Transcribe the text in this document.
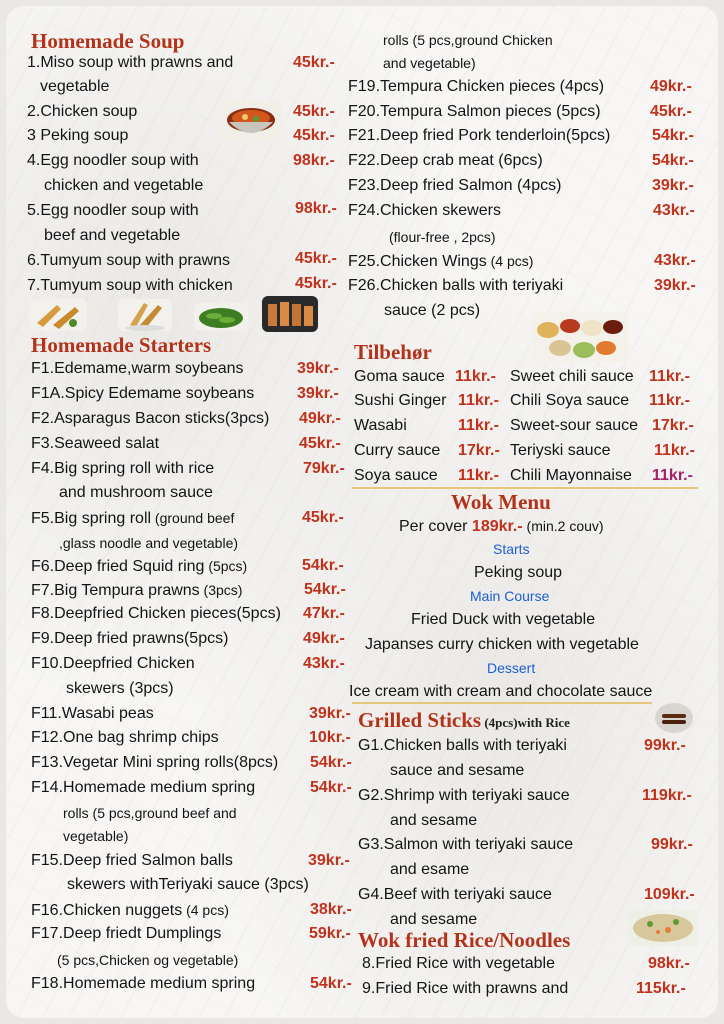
Homemade Soup
1.Miso soup with prawns and
vegetable
45kr.-
2.Chicken soup	45kr.-
3 Peking soup	45kr.-
4.Egg noodler soup with
chicken and vegetable
98kr.-
5.Egg noodler soup with
beef and vegetable
98kr.-
6.Tumyum soup with prawns	45kr.-
7.Tumyum soup with chicken	45kr.-
Homemade Starters
F1.Edemame,warm soybeans	39kr.-
F1A.Spicy Edemame soybeans	39kr.-
F2.Asparagus Bacon sticks(3pcs) 49kr.-
F3.Seaweed salat	45kr.-
F4.Big spring roll with rice
and mushroom sauce
79kr.-
F5.Big spring roll (ground beef
,glass noodle and vegetable)
45kr.-
F6.Deep fried Squid ring (5pcs)	54kr.-
F7.Big Tempura prawns (3pcs)	54kr.-
F8.Deepfried Chicken pieces(5pcs) 47kr.-
F9.Deep fried prawns(5pcs)	49kr.-
F10.Deepfried Chicken
skewers (3pcs)
43kr.-
F11.Wasabi peas	39kr.-
F12.One bag shrimp chips	10kr.-
F13.Vegetar Mini spring rolls(8pcs) 54kr.-
F14.Homemade medium spring
rolls (5 pcs,ground beef and
vegetable)
54kr.-
F15.Deep fried Salmon balls
skewers withTeriyaki sauce (3pcs)
39kr.-
F16.Chicken nuggets (4 pcs)	38kr.-
F17.Deep friedt Dumplings
(5 pcs,Chicken og vegetable)
59kr.-
F18.Homemade medium spring	54kr.-
rolls (5 pcs,ground Chicken
and vegetable)
F19.Tempura Chicken pieces (4pcs)	49kr.-
F20.Tempura Salmon pieces (5pcs)	45kr.-
F21.Deep fried Pork tenderloin(5pcs)	54kr.-
F22.Deep crab meat (6pcs)	54kr.-
F23.Deep fried Salmon (4pcs)	39kr.-
F24.Chicken skewers
(flour-free , 2pcs)
43kr.-
F25.Chicken Wings (4 pcs)	43kr.-
F26.Chicken balls with teriyaki
sauce (2 pcs)
39kr.-
Tilbehør
Goma sauce 11kr.-
Sushi Ginger 11kr.-
Wasabi	11kr.-
Curry sauce 17kr.-
Soya sauce 11kr.-
Sweet chili sauce 11kr.-
Chili Soya sauce 11kr.-
Sweet-sour sauce 17kr.-
Teriyski sauce	11kr.-
Chili Mayonnaise 11kr.-
Wok Menu
Per cover 189kr.- (min.2 couv)
Starts
Peking soup
Main Course
Fried Duck with vegetable
Japanses curry chicken with vegetable
Dessert
Ice cream with cream and chocolate sauce
Grilled Sticks (4pcs)with Rice
G1.Chicken balls with teriyaki
sauce and sesame
99kr.-
G2.Shrimp with teriyaki sauce
and sesame
119kr.-
G3.Salmon with teriyaki sauce
and esame
99kr.-
G4.Beef with teriyaki sauce
and sesame
109kr.-
Wok fried Rice/Noodles
8.Fried Rice with vegetable	98kr.-
9.Fried Rice with prawns and	115kr.-
